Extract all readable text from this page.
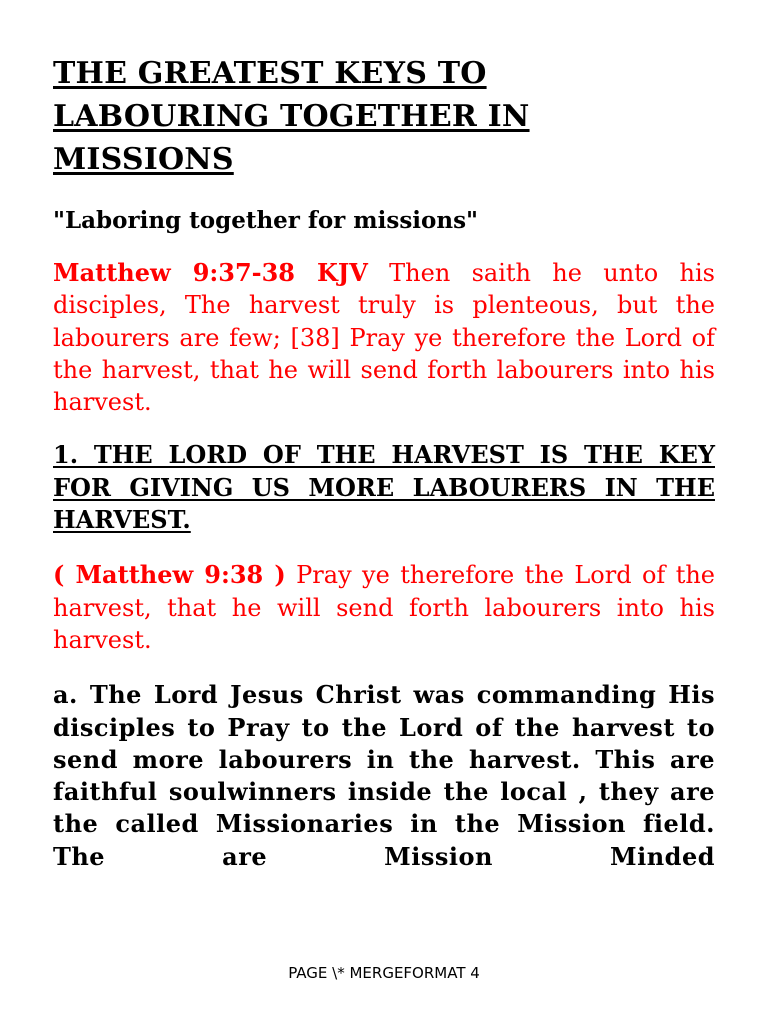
THE GREATEST KEYS TO
LABOURING TOGETHER IN
MISSIONS

"Laboring together for missions"

Matthew 9:37-38 KJV Then saith he unto his disciples, The harvest truly is plenteous, but the labourers are few; [38] Pray ye therefore the Lord of the harvest, that he will send forth labourers into his harvest.

1. THE LORD OF THE HARVEST IS THE KEY FOR GIVING US MORE LABOURERS IN THE HARVEST.

( Matthew 9:38 ) Pray ye therefore the Lord of the harvest, that he will send forth labourers into his harvest.

a. The Lord Jesus Christ was commanding His disciples to Pray to the Lord of the harvest to send more labourers in the harvest. This are faithful soulwinners inside the local , they are the called Missionaries in the Mission field. The are Mission Minded

PAGE \* MERGEFORMAT 4
